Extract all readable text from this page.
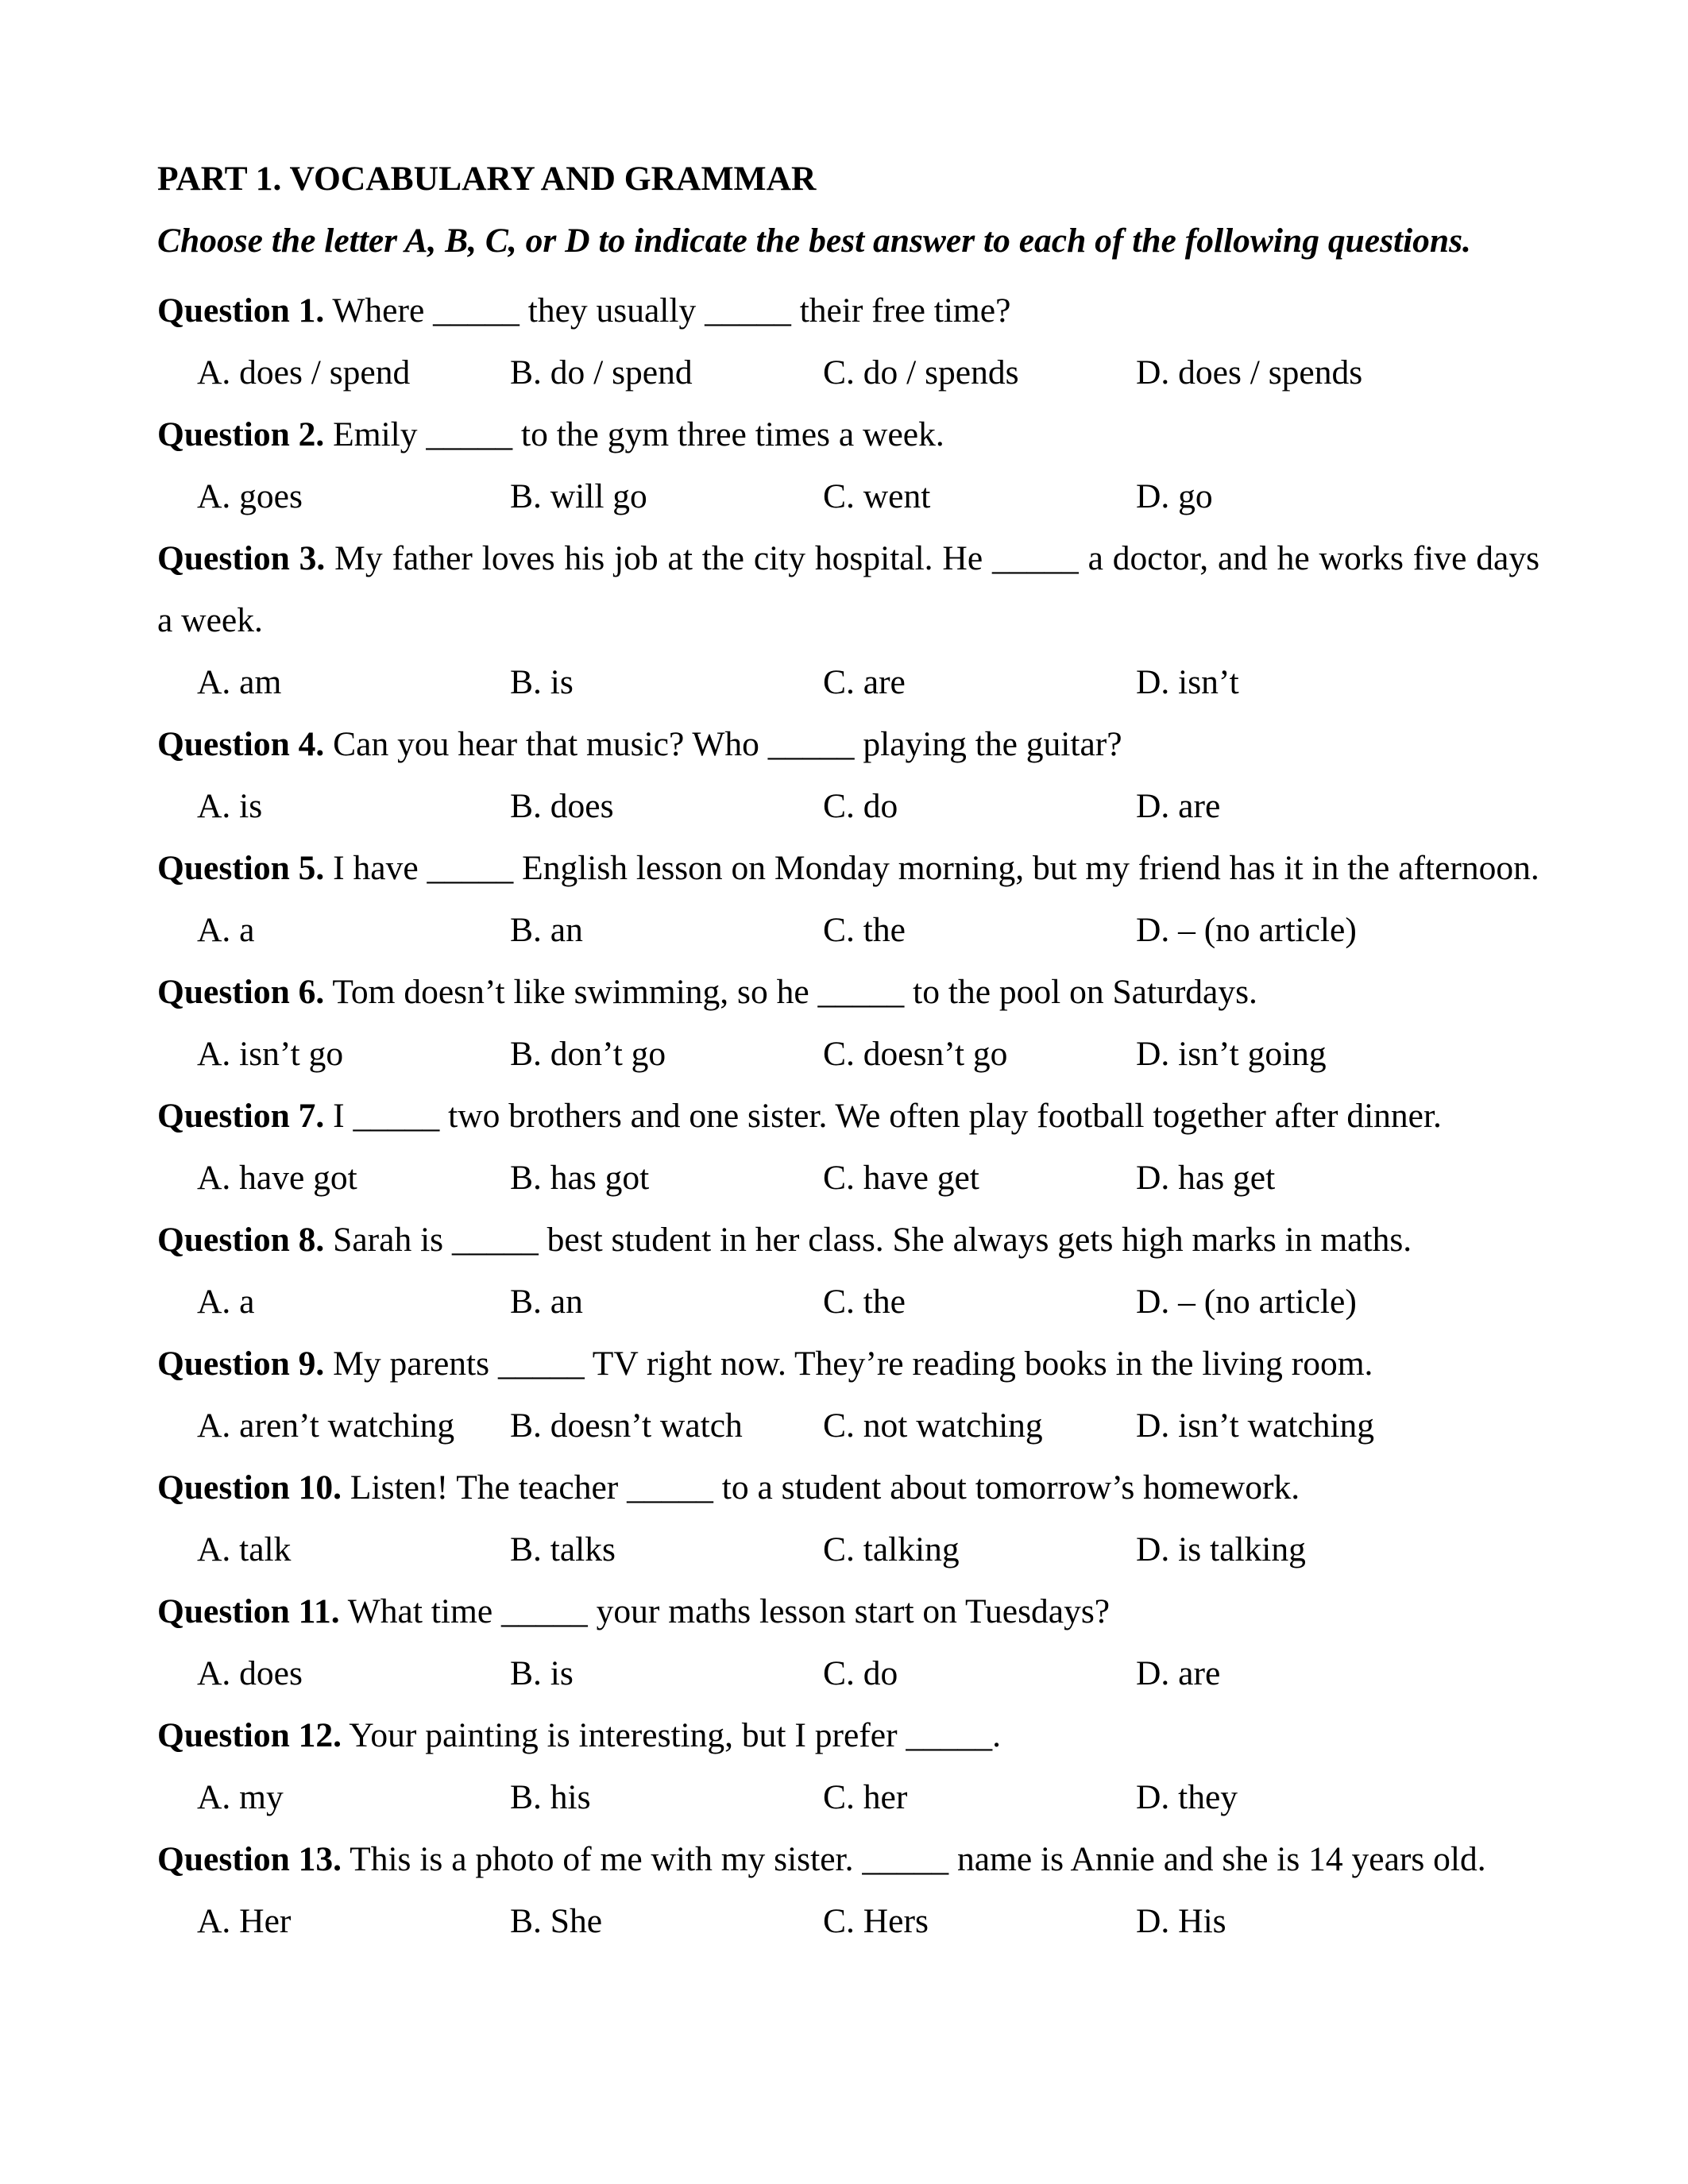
PART 1. VOCABULARY AND GRAMMAR
Choose the letter A, B, C, or D to indicate the best answer to each of the following questions.
Question 1. Where _____ they usually _____ their free time?
A. does / spend	B. do / spend	C. do / spends	D. does / spends
Question 2. Emily _____ to the gym three times a week.
A. goes	B. will go	C. went	D. go
Question 3. My father loves his job at the city hospital. He _____ a doctor, and he works five days a week.
A. am	B. is	C. are	D. isn’t
Question 4. Can you hear that music? Who _____ playing the guitar?
A. is	B. does	C. do	D. are
Question 5. I have _____ English lesson on Monday morning, but my friend has it in the afternoon.
A. a	B. an	C. the	D. – (no article)
Question 6. Tom doesn’t like swimming, so he _____ to the pool on Saturdays.
A. isn’t go	B. don’t go	C. doesn’t go	D. isn’t going
Question 7. I _____ two brothers and one sister. We often play football together after dinner.
A. have got	B. has got	C. have get	D. has get
Question 8. Sarah is _____ best student in her class. She always gets high marks in maths.
A. a	B. an	C. the	D. – (no article)
Question 9. My parents _____ TV right now. They’re reading books in the living room.
A. aren’t watching	B. doesn’t watch	C. not watching	D. isn’t watching
Question 10. Listen! The teacher _____ to a student about tomorrow’s homework.
A. talk	B. talks	C. talking	D. is talking
Question 11. What time _____ your maths lesson start on Tuesdays?
A. does	B. is	C. do	D. are
Question 12. Your painting is interesting, but I prefer _____.
A. my	B. his	C. her	D. they
Question 13. This is a photo of me with my sister. _____ name is Annie and she is 14 years old.
A. Her	B. She	C. Hers	D. His
